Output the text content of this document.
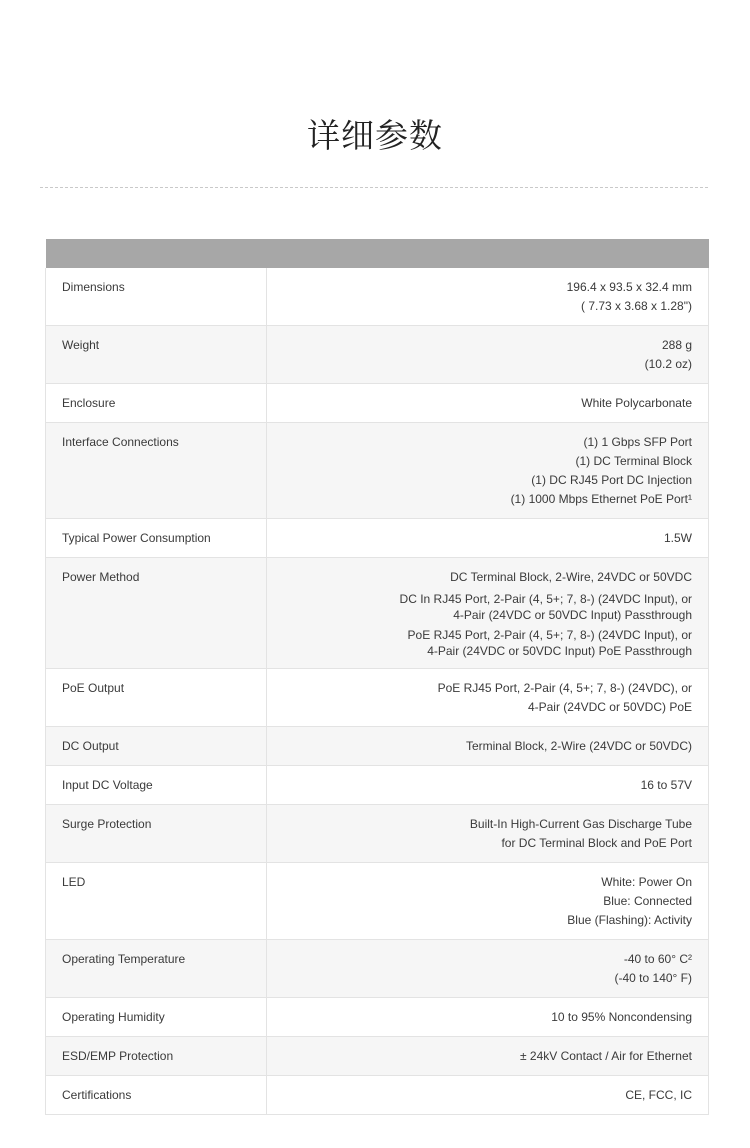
详细参数

Dimensions	196.4 x 93.5 x 32.4 mm
( 7.73 x 3.68 x 1.28")

Weight	288 g
(10.2 oz)

Enclosure	White Polycarbonate

Interface Connections	(1) 1 Gbps SFP Port
(1) DC Terminal Block
(1) DC RJ45 Port DC Injection
(1) 1000 Mbps Ethernet PoE Port¹

Typical Power Consumption	1.5W

Power Method	DC Terminal Block, 2-Wire, 24VDC or 50VDC
DC In RJ45 Port, 2-Pair (4, 5+; 7, 8-) (24VDC Input), or
4-Pair (24VDC or 50VDC Input) Passthrough
PoE RJ45 Port, 2-Pair (4, 5+; 7, 8-) (24VDC Input), or
4-Pair (24VDC or 50VDC Input) PoE Passthrough

PoE Output	PoE RJ45 Port, 2-Pair (4, 5+; 7, 8-) (24VDC), or
4-Pair (24VDC or 50VDC) PoE

DC Output	Terminal Block, 2-Wire (24VDC or 50VDC)

Input DC Voltage	16 to 57V

Surge Protection	Built-In High-Current Gas Discharge Tube
for DC Terminal Block and PoE Port

LED	White: Power On
Blue: Connected
Blue (Flashing): Activity

Operating Temperature	-40 to 60° C²
(-40 to 140° F)

Operating Humidity	10 to 95% Noncondensing

ESD/EMP Protection	± 24kV Contact / Air for Ethernet

Certifications	CE, FCC, IC
